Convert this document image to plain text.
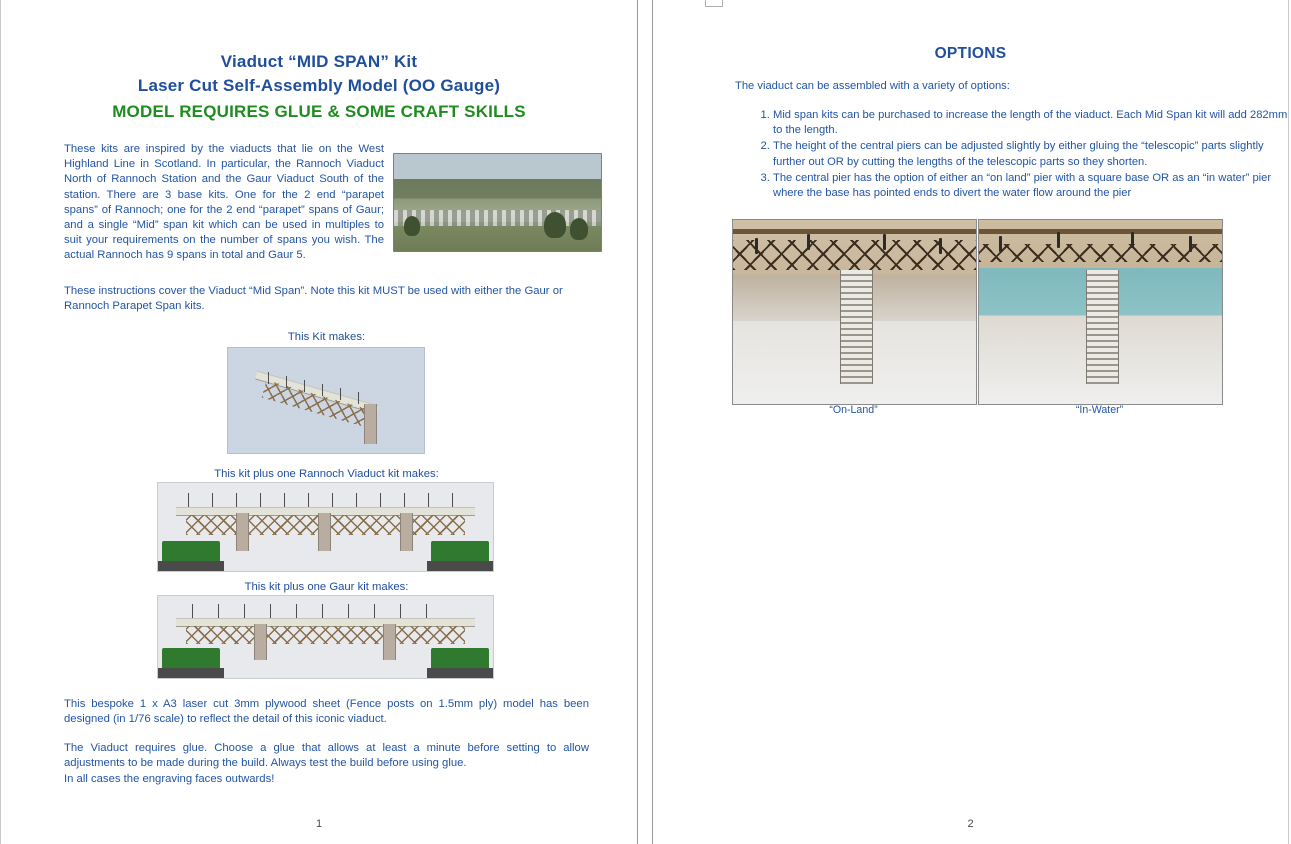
Viaduct “MID SPAN” Kit
Laser Cut Self-Assembly Model (OO Gauge)
MODEL REQUIRES GLUE & SOME CRAFT SKILLS
These kits are inspired by the viaducts that lie on the West Highland Line in Scotland. In particular, the Rannoch Viaduct North of Rannoch Station and the Gaur Viaduct South of the station. There are 3 base kits. One for the 2 end “parapet spans” of Rannoch; one for the 2 end “parapet” spans of Gaur; and a single “Mid” span kit which can be used in multiples to suit your requirements on the number of spans you wish. The actual Rannoch has 9 spans in total and Gaur 5.
These instructions cover the Viaduct “Mid Span”. Note this kit MUST be used with either the Gaur or Rannoch Parapet Span kits.
This Kit makes:
This kit plus one Rannoch Viaduct kit makes:
This kit plus one Gaur kit makes:
This bespoke 1 x A3 laser cut 3mm plywood sheet (Fence posts on 1.5mm ply) model has been designed (in 1/76 scale) to reflect the detail of this iconic viaduct.
The Viaduct requires glue. Choose a glue that allows at least a minute before setting to allow adjustments to be made during the build. Always test the build before using glue.
In all cases the engraving faces outwards!
1
OPTIONS
The viaduct can be assembled with a variety of options:
1. Mid span kits can be purchased to increase the length of the viaduct. Each Mid Span kit will add 282mm to the length.
2. The height of the central piers can be adjusted slightly by either gluing the “telescopic” parts slightly further out OR by cutting the lengths of the telescopic parts so they shorten.
3. The central pier has the option of either an “on land” pier with a square base OR as an “in water” pier where the base has pointed ends to divert the water flow around the pier
“On-Land”	“In-Water”
2
